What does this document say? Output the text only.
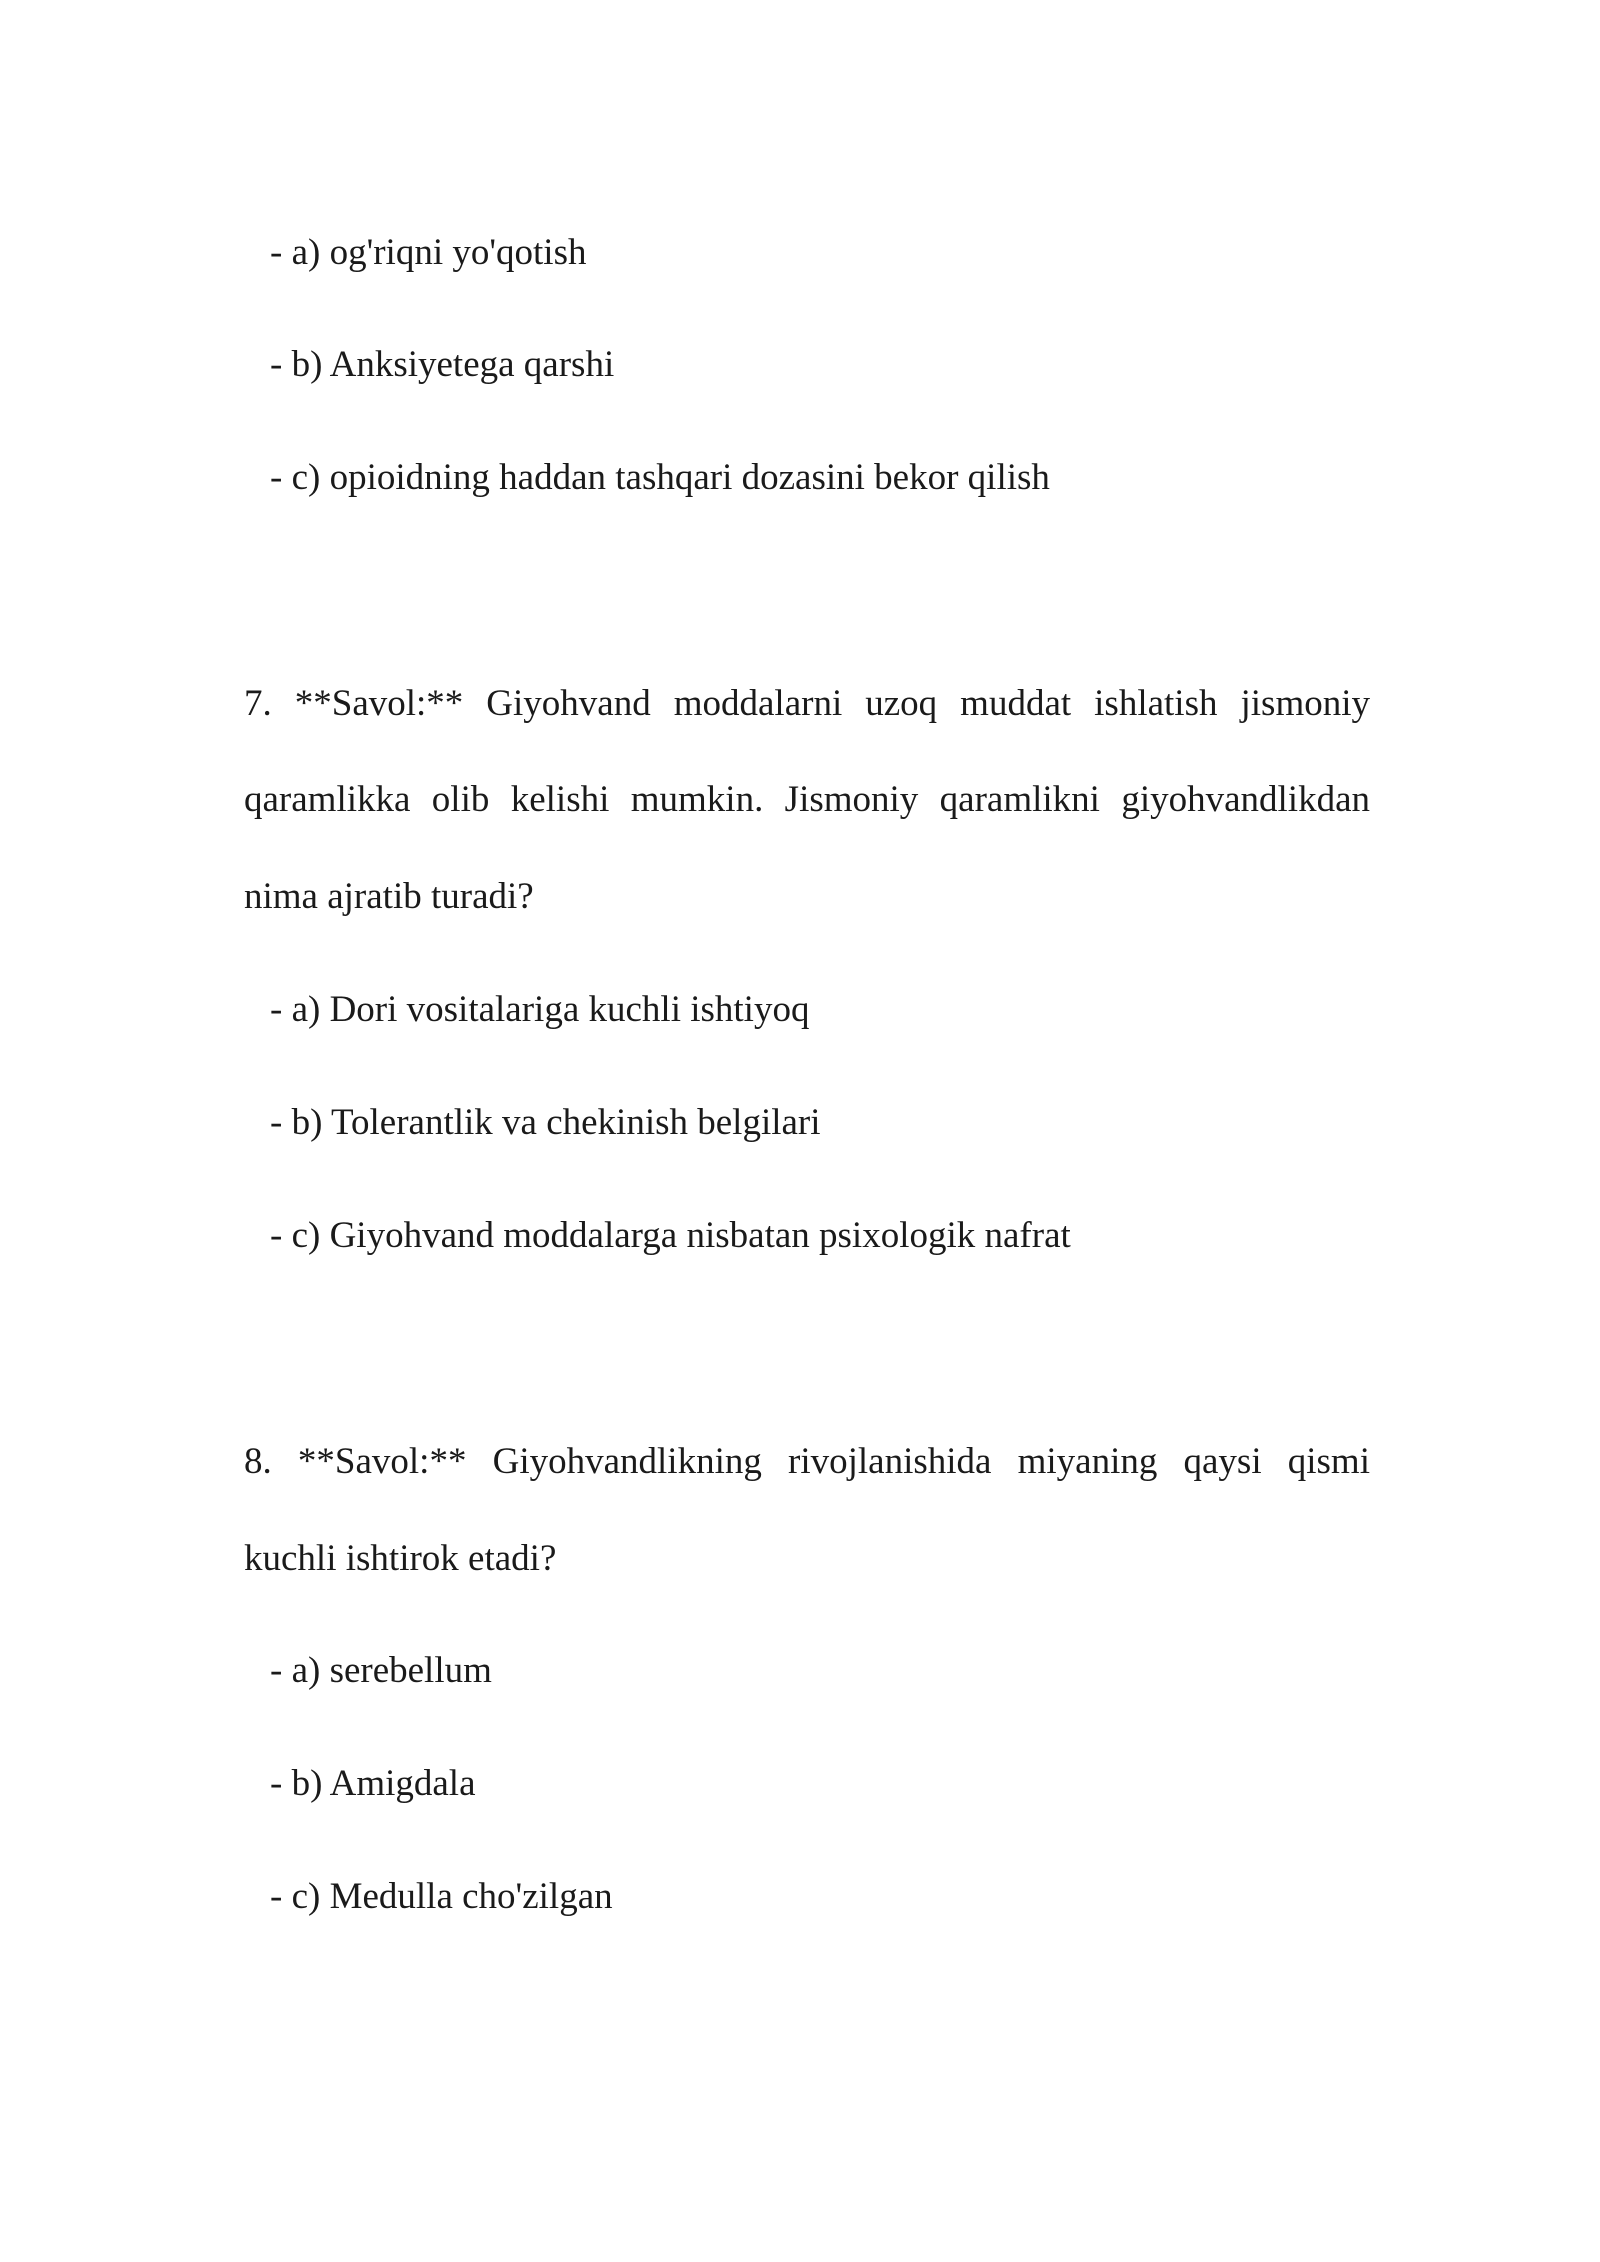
- a) og'riqni yo'qotish
- b) Anksiyetega qarshi
- c) opioidning haddan tashqari dozasini bekor qilish
7. **Savol:** Giyohvand moddalarni uzoq muddat ishlatish jismoniy
qaramlikka olib kelishi mumkin. Jismoniy qaramlikni giyohvandlikdan
nima ajratib turadi?
- a) Dori vositalariga kuchli ishtiyoq
- b) Tolerantlik va chekinish belgilari
- c) Giyohvand moddalarga nisbatan psixologik nafrat
8. **Savol:** Giyohvandlikning rivojlanishida miyaning qaysi qismi
kuchli ishtirok etadi?
- a) serebellum
- b) Amigdala
- c) Medulla cho'zilgan
